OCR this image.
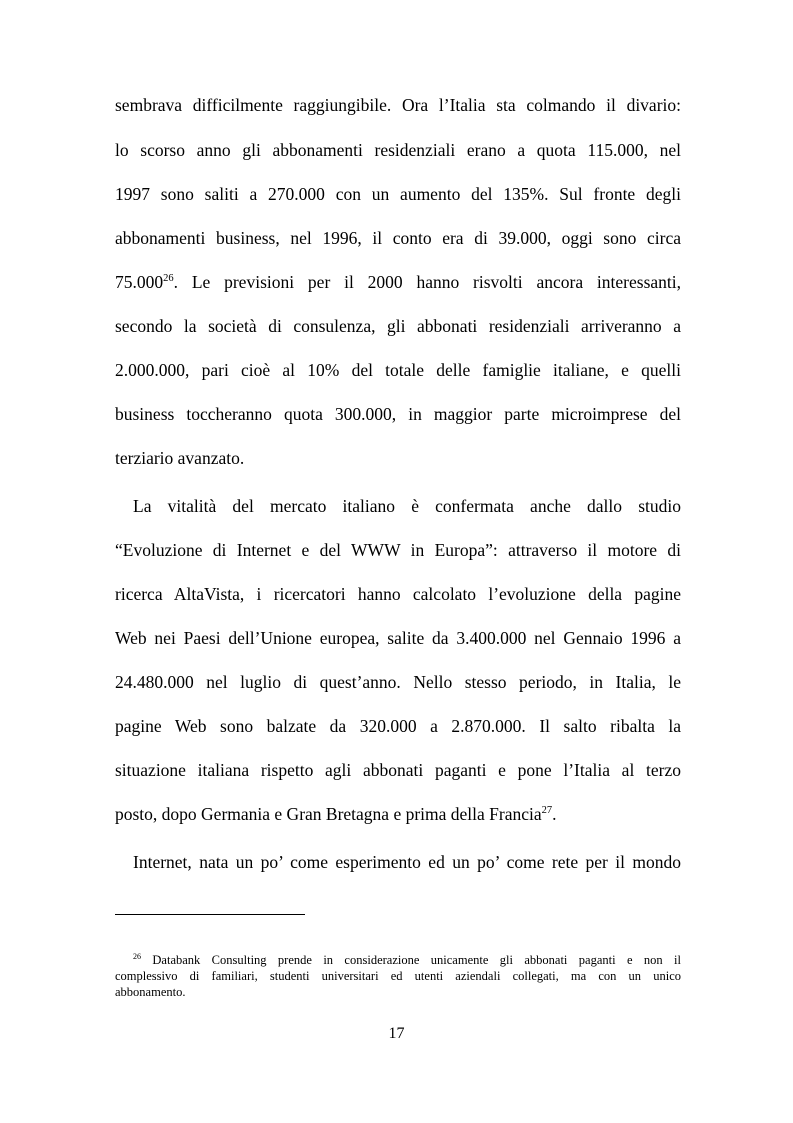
sembrava difficilmente raggiungibile. Ora l’Italia sta colmando il divario:
lo scorso anno gli abbonamenti residenziali erano a quota 115.000, nel
1997 sono saliti a 270.000 con un aumento del 135%. Sul fronte degli
abbonamenti business, nel 1996, il conto era di 39.000, oggi sono circa
75.000$^{26}$. Le previsioni per il 2000 hanno risvolti ancora interessanti,
secondo la società di consulenza, gli abbonati residenziali arriveranno a
2.000.000, pari cioè al 10% del totale delle famiglie italiane, e quelli
business toccheranno quota 300.000, in maggior parte microimprese del
terziario avanzato.
La vitalità del mercato italiano è confermata anche dallo studio
“Evoluzione di Internet e del WWW in Europa”: attraverso il motore di
ricerca AltaVista, i ricercatori hanno calcolato l’evoluzione della pagine
Web nei Paesi dell’Unione europea, salite da 3.400.000 nel Gennaio 1996 a
24.480.000 nel luglio di quest’anno. Nello stesso periodo, in Italia, le
pagine Web sono balzate da 320.000 a 2.870.000. Il salto ribalta la
situazione italiana rispetto agli abbonati paganti e pone l’Italia al terzo
posto, dopo Germania e Gran Bretagna e prima della Francia$^{27}$.
Internet, nata un po’ come esperimento ed un po’ come rete per il mondo
$^{26}$ Databank Consulting prende in considerazione unicamente gli abbonati paganti e non il
complessivo di familiari, studenti universitari ed utenti aziendali collegati, ma con un unico
abbonamento.
17
